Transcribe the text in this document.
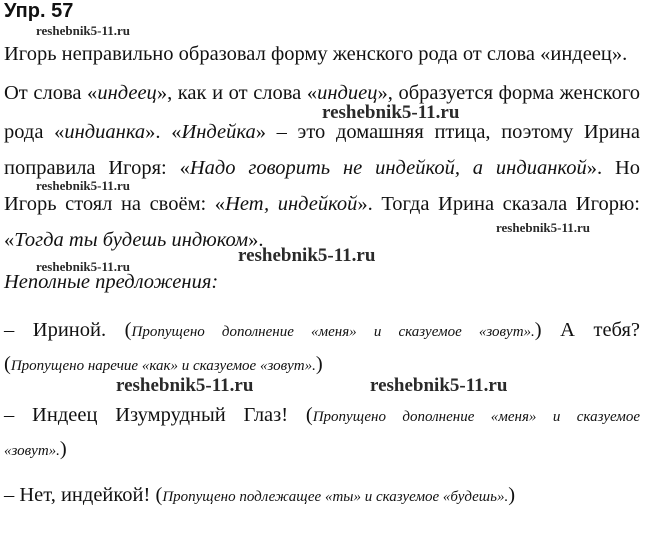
Упр. 57
Игорь неправильно образовал форму женского рода от слова «индеец».
От слова «индеец», как и от слова «индиец», образуется форма женского
рода «индианка». «Индейка» – это домашняя птица, поэтому Ирина
поправила Игоря: «Надо говорить не индейкой, а индианкой». Но
Игорь стоял на своём: «Нет, индейкой». Тогда Ирина сказала Игорю:
«Тогда ты будешь индюком».
Неполные предложения:
– Ириной. (Пропущено дополнение «меня» и сказуемое «зовут».) А тебя?
(Пропущено наречие «как» и сказуемое «зовут».)
– Индеец Изумрудный Глаз! (Пропущено дополнение «меня» и сказуемое
«зовут».)
– Нет, индейкой! (Пропущено подлежащее «ты» и сказуемое «будешь».)
reshebnik5-11.ru
reshebnik5-11.ru
reshebnik5-11.ru
reshebnik5-11.ru
reshebnik5-11.ru
reshebnik5-11.ru
reshebnik5-11.ru	reshebnik5-11.ru
